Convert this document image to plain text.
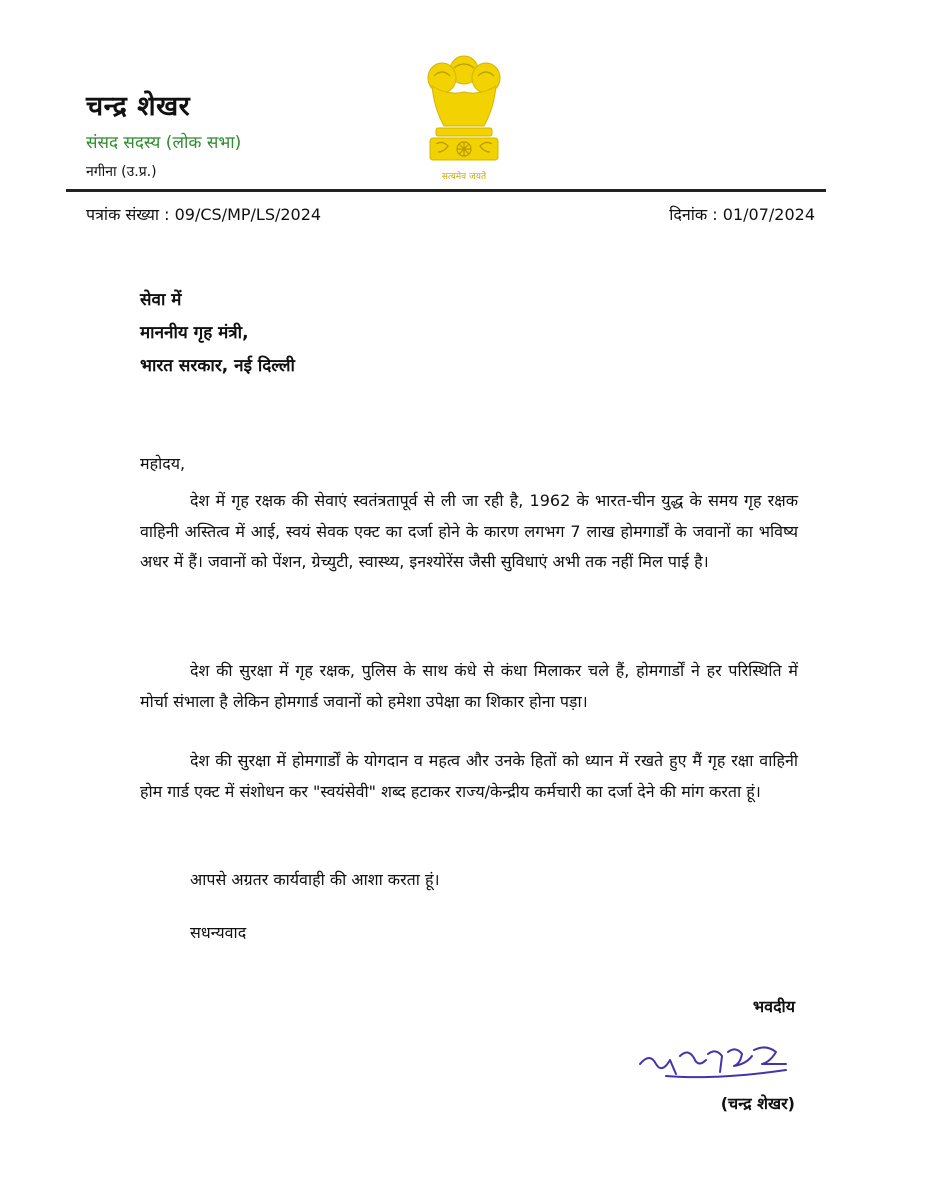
चन्द्र शेखर

संसद सदस्य (लोक सभा)

नगीना (उ.प्र.)	सत्यमेव जयते
पत्रांक संख्या : 09/CS/MP/LS/2024	दिनांक : 01/07/2024
सेवा में
माननीय गृह मंत्री,
भारत सरकार, नई दिल्ली
महोदय,

देश में गृह रक्षक की सेवाएं स्वतंत्रतापूर्व से ली जा रही है, 1962 के भारत-चीन युद्ध के समय गृह रक्षक वाहिनी अस्तित्व में आई, स्वयं सेवक एक्ट का दर्जा होने के कारण लगभग 7 लाख होमगार्डों के जवानों का भविष्य अधर में हैं। जवानों को पेंशन, ग्रेच्युटी, स्वास्थ्य, इनश्योरेंस जैसी सुविधाएं अभी तक नहीं मिल पाई है।

देश की सुरक्षा में गृह रक्षक, पुलिस के साथ कंधे से कंधा मिलाकर चले हैं, होमगार्डों ने हर परिस्थिति में मोर्चा संभाला है लेकिन होमगार्ड जवानों को हमेशा उपेक्षा का शिकार होना पड़ा।

देश की सुरक्षा में होमगार्डों के योगदान व महत्व और उनके हितों को ध्यान में रखते हुए मैं गृह रक्षा वाहिनी होम गार्ड एक्ट में संशोधन कर "स्वयंसेवी" शब्द हटाकर राज्य/केन्द्रीय कर्मचारी का दर्जा देने की मांग करता हूं।

आपसे अग्रतर कार्यवाही की आशा करता हूं।
सधन्यवाद
भवदीय
(चन्द्र शेखर)
